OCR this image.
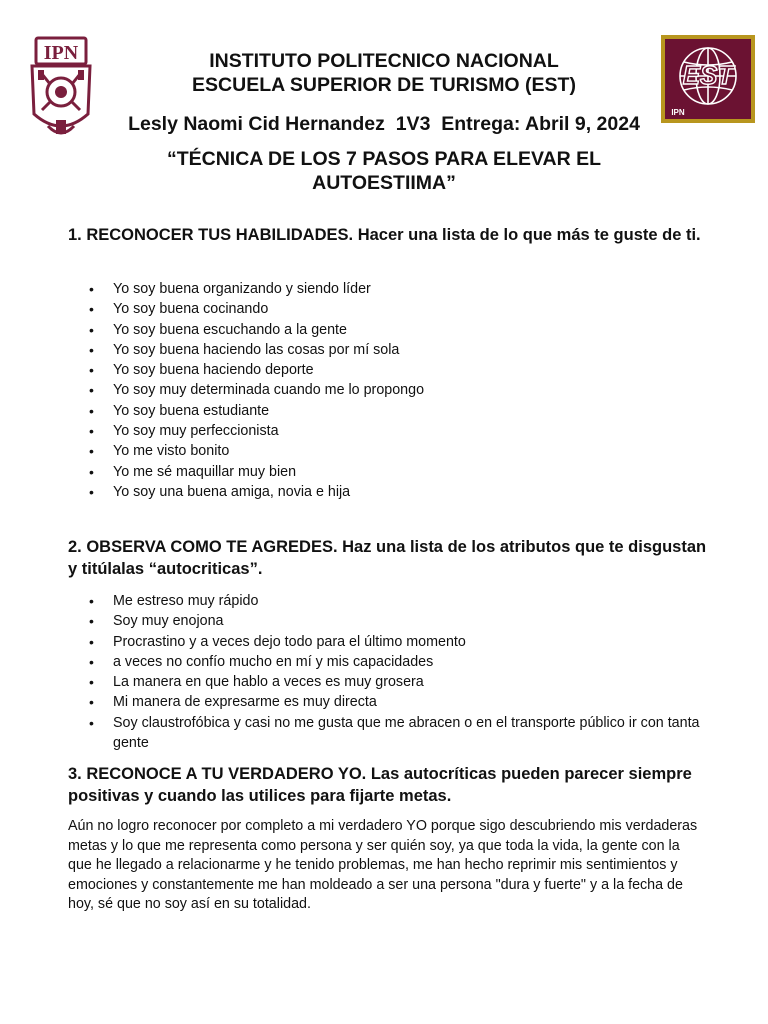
IPN
EST
IPN
INSTITUTO POLITECNICO NACIONAL
ESCUELA SUPERIOR DE TURISMO (EST)
Lesly Naomi Cid Hernandez  1V3  Entrega: Abril 9, 2024
“TÉCNICA DE LOS 7 PASOS PARA ELEVAR EL
AUTOESTIIMA”
1. RECONOCER TUS HABILIDADES. Hacer una lista de lo que más te guste de ti.
• Yo soy buena organizando y siendo líder
• Yo soy buena cocinando
• Yo soy buena escuchando a la gente
• Yo soy buena haciendo las cosas por mí sola
• Yo soy buena haciendo deporte
• Yo soy muy determinada cuando me lo propongo
• Yo soy buena estudiante
• Yo soy muy perfeccionista
• Yo me visto bonito
• Yo me sé maquillar muy bien
• Yo soy una buena amiga, novia e hija
2. OBSERVA COMO TE AGREDES. Haz una lista de los atributos que te disgustan y titúlalas “autocriticas”.
• Me estreso muy rápido
• Soy muy enojona
• Procrastino y a veces dejo todo para el último momento
• a veces no confío mucho en mí y mis capacidades
• La manera en que hablo a veces es muy grosera
• Mi manera de expresarme es muy directa
• Soy claustrofóbica y casi no me gusta que me abracen o en el transporte público ir con tanta gente
3. RECONOCE A TU VERDADERO YO. Las autocríticas pueden parecer siempre positivas y cuando las utilices para fijarte metas.
Aún no logro reconocer por completo a mi verdadero YO porque sigo descubriendo mis verdaderas metas y lo que me representa como persona y ser quién soy, ya que toda la vida, la gente con la que he llegado a relacionarme y he tenido problemas, me han hecho reprimir mis sentimientos y emociones y constantemente me han moldeado a ser una persona "dura y fuerte" y a la fecha de hoy, sé que no soy así en su totalidad.
